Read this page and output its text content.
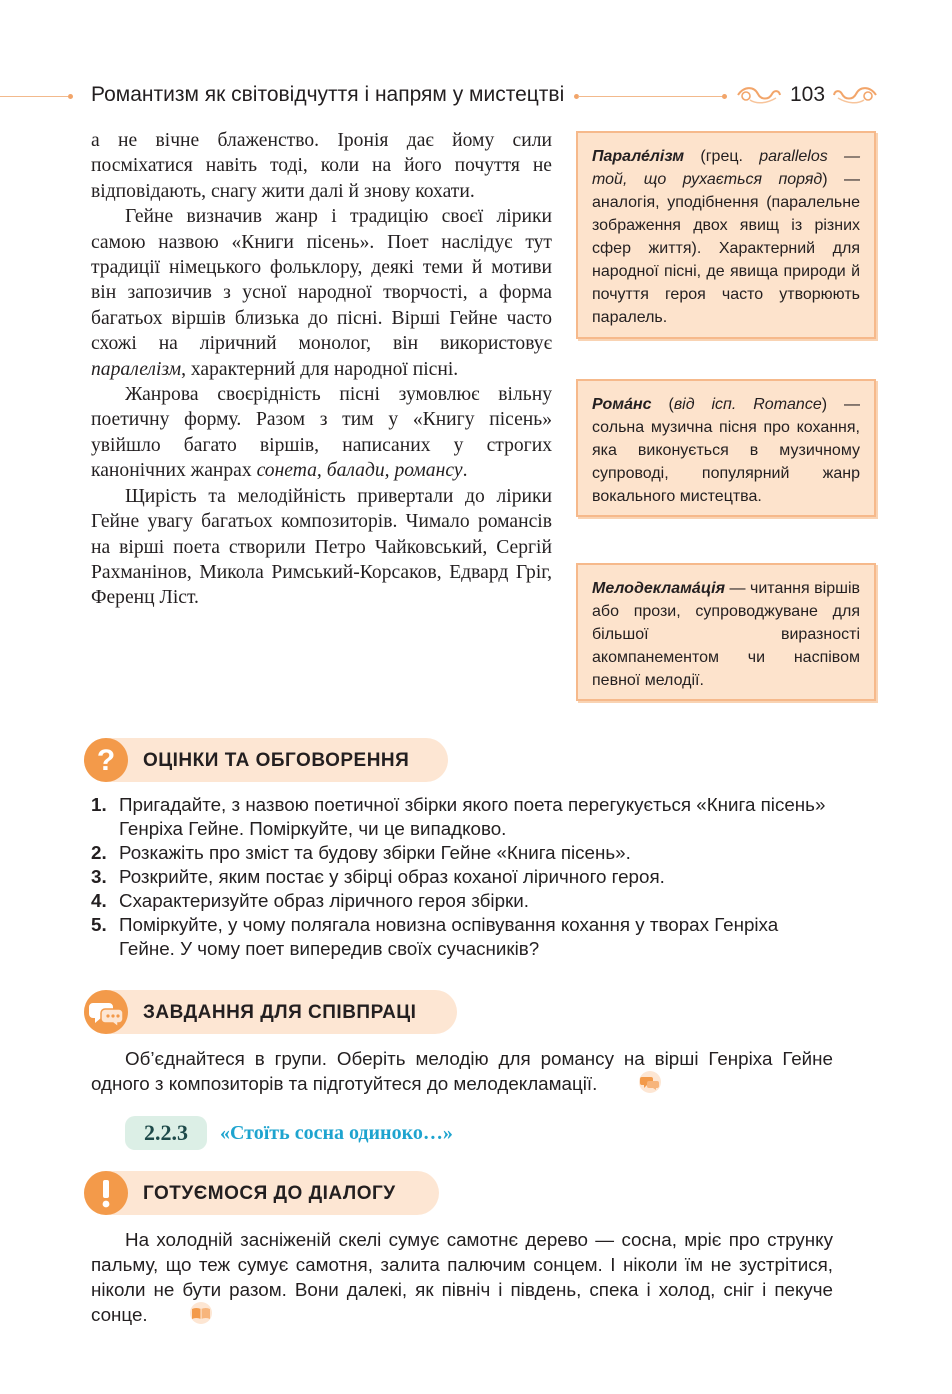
Романтизм як світовідчуття і напрям у мистецтві	103

а не вічне блаженство. Іронія дає йому сили посміхатися навіть тоді, коли на його почуття не відповідають, снагу жити далі й знову кохати.

Гейне визначив жанр і традицію своєї лірики самою назвою «Книги пісень». Поет наслідує тут традиції німецького фольклору, деякі теми й мотиви він запозичив з усної народної творчості, а форма багатьох віршів близька до пісні. Вірші Гейне часто схожі на ліричний монолог, він використовує паралелізм, характерний для народної пісні.

Жанрова своєрідність пісні зумовлює вільну поетичну форму. Разом з тим у «Книгу пісень» увійшло багато віршів, написаних у строгих канонічних жанрах сонета, балади, романсу.

Щирість та мелодійність привертали до лірики Гейне увагу багатьох композиторів. Чимало романсів на вірші поета створили Петро Чайковський, Сергій Рахманінов, Микола Римський-Корсаков, Едвард Гріг, Ференц Ліст.

Парале́лізм (грец. parallelos — той, що рухається поряд) — аналогія, уподібнення (паралельне зображення двох явищ із різних сфер життя). Характерний для народної пісні, де явища природи й почуття героя часто утворюють паралель.
Рома́нс (від ісп. Romance) — сольна музична пісня про кохання, яка виконується в музичному супроводі, популярний жанр вокального мистецтва.
Мелодеклама́ція — читання віршів або прози, супроводжуване для більшої виразності акомпанементом чи наспівом певної мелодії.
? ОЦІНКИ ТА ОБГОВОРЕННЯ
1. Пригадайте, з назвою поетичної збірки якого поета перегукується «Книга пісень» Генріха Гейне. Поміркуйте, чи це випадково.
2. Розкажіть про зміст та будову збірки Гейне «Книга пісень».
3. Розкрийте, яким постає у збірці образ коханої ліричного героя.
4. Схарактеризуйте образ ліричного героя збірки.
5. Поміркуйте, у чому полягала новизна оспівування кохання у творах Генріха Гейне. У чому поет випередив своїх сучасників?
ЗАВДАННЯ ДЛЯ СПІВПРАЦІ
Об’єднайтеся в групи. Оберіть мелодію для романсу на вірші Генріха Гейне одного з композиторів та підготуйтеся до мелодекламації.
2.2.3	«Стоїть сосна одиноко…»
ГОТУЄМОСЯ ДО ДІАЛОГУ
На холодній засніженій скелі сумує самотнє дерево — сосна, мріє про струнку пальму, що теж сумує самотня, залита палючим сонцем. І ніколи їм не зустрітися, ніколи не бути разом. Вони далекі, як північ і південь, спека і холод, сніг і пекуче сонце.
